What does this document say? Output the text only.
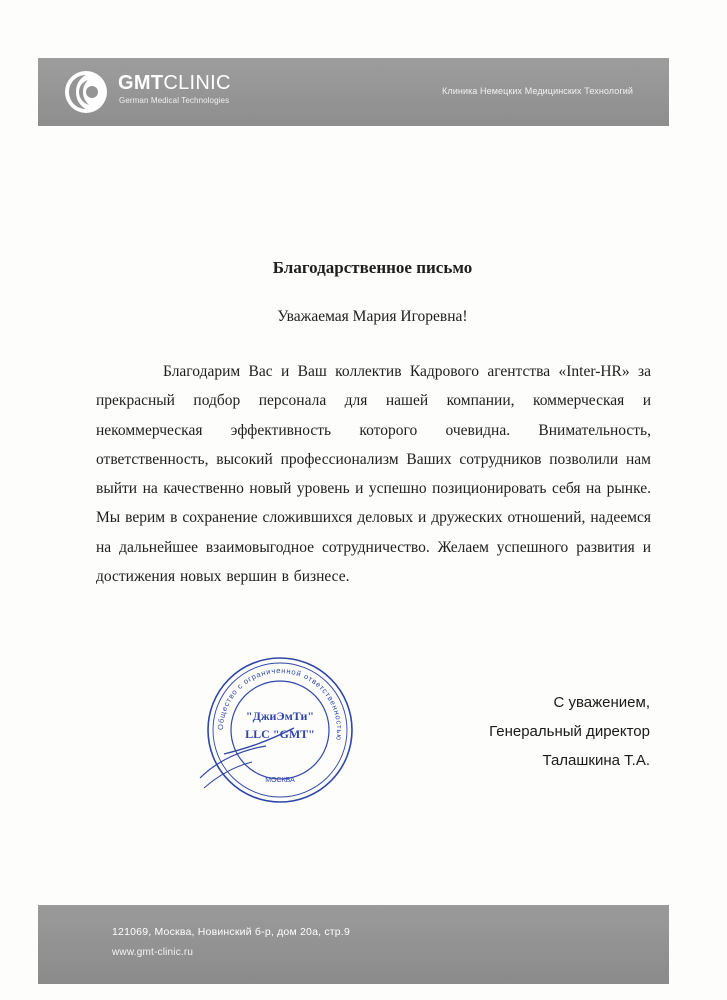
GMTCLINIC
German Medical Technologies
Клиника Немецких Медицинских Технологий
Благодарственное письмо
Уважаемая Мария Игоревна!
Благодарим Вас и Ваш коллектив Кадрового агентства «Inter-HR» за прекрасный подбор персонала для нашей компании, коммерческая и некоммерческая эффективность которого очевидна. Внимательность, ответственность, высокий профессионализм Ваших сотрудников позволили нам выйти на качественно новый уровень и успешно позиционировать себя на рынке. Мы верим в сохранение сложившихся деловых и дружеских отношений, надеемся на дальнейшее взаимовыгодное сотрудничество. Желаем успешного развития и достижения новых вершин в бизнесе.
Общество с ограниченной ответственностью
"ДжиЭмТи"
LLC "GMT"
МОСКВА
С уважением,
Генеральный директор
Талашкина Т.А.
121069, Москва, Новинский б-р, дом 20а, стр.9
www.gmt-clinic.ru
